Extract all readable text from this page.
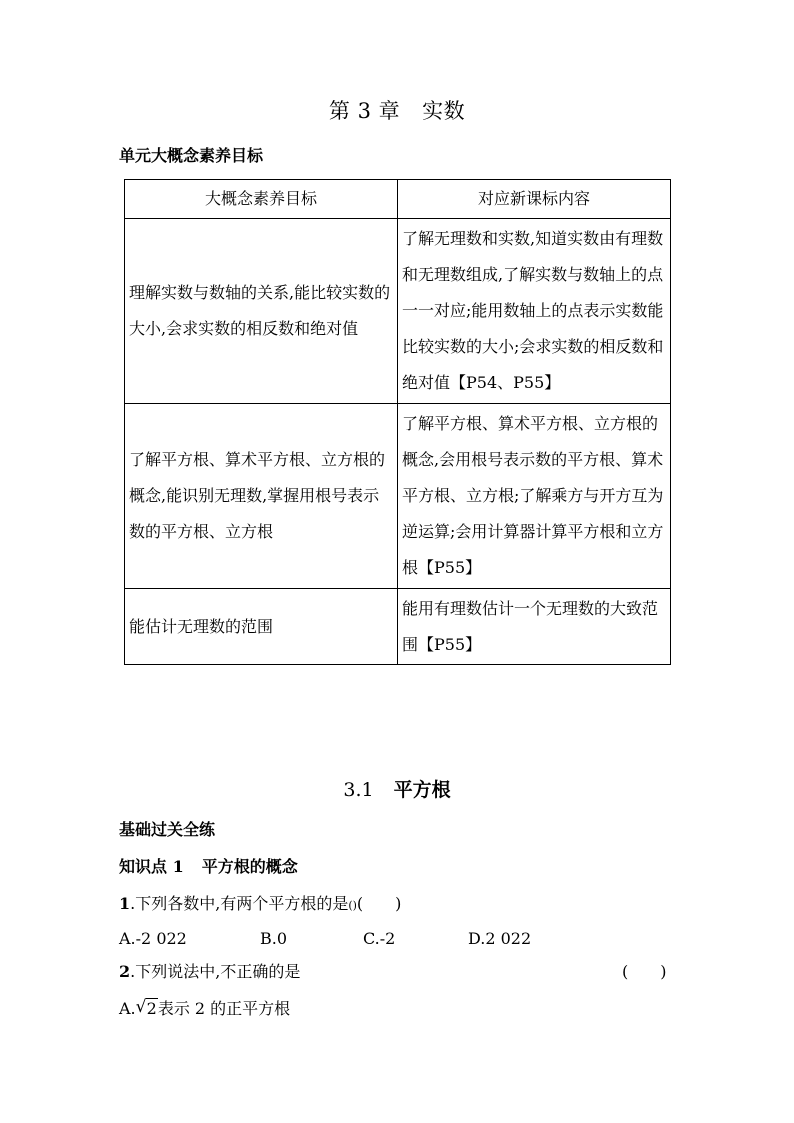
第 3 章 实数
单元大概念素养目标
大概念素养目标	对应新课标内容
理解实数与数轴的关系,能比较实数的大小,会求实数的相反数和绝对值	了解无理数和实数,知道实数由有理数和无理数组成,了解实数与数轴上的点一一对应;能用数轴上的点表示实数能比较实数的大小;会求实数的相反数和绝对值【P54、P55】
了解平方根、算术平方根、立方根的概念,能识别无理数,掌握用根号表示数的平方根、立方根	了解平方根、算术平方根、立方根的概念,会用根号表示数的平方根、算术平方根、立方根;了解乘方与开方互为逆运算;会用计算器计算平方根和立方根【P55】
能估计无理数的范围	能用有理数估计一个无理数的大致范围【P55】
3.1 平方根
基础过关全练
知识点 1 平方根的概念
1.下列各数中,有两个平方根的是()(　　)
A.-2 022	B.0	C.-2	D.2 022
2.下列说法中,不正确的是	(　　)
A. √ 2表示 2 的正平方根
